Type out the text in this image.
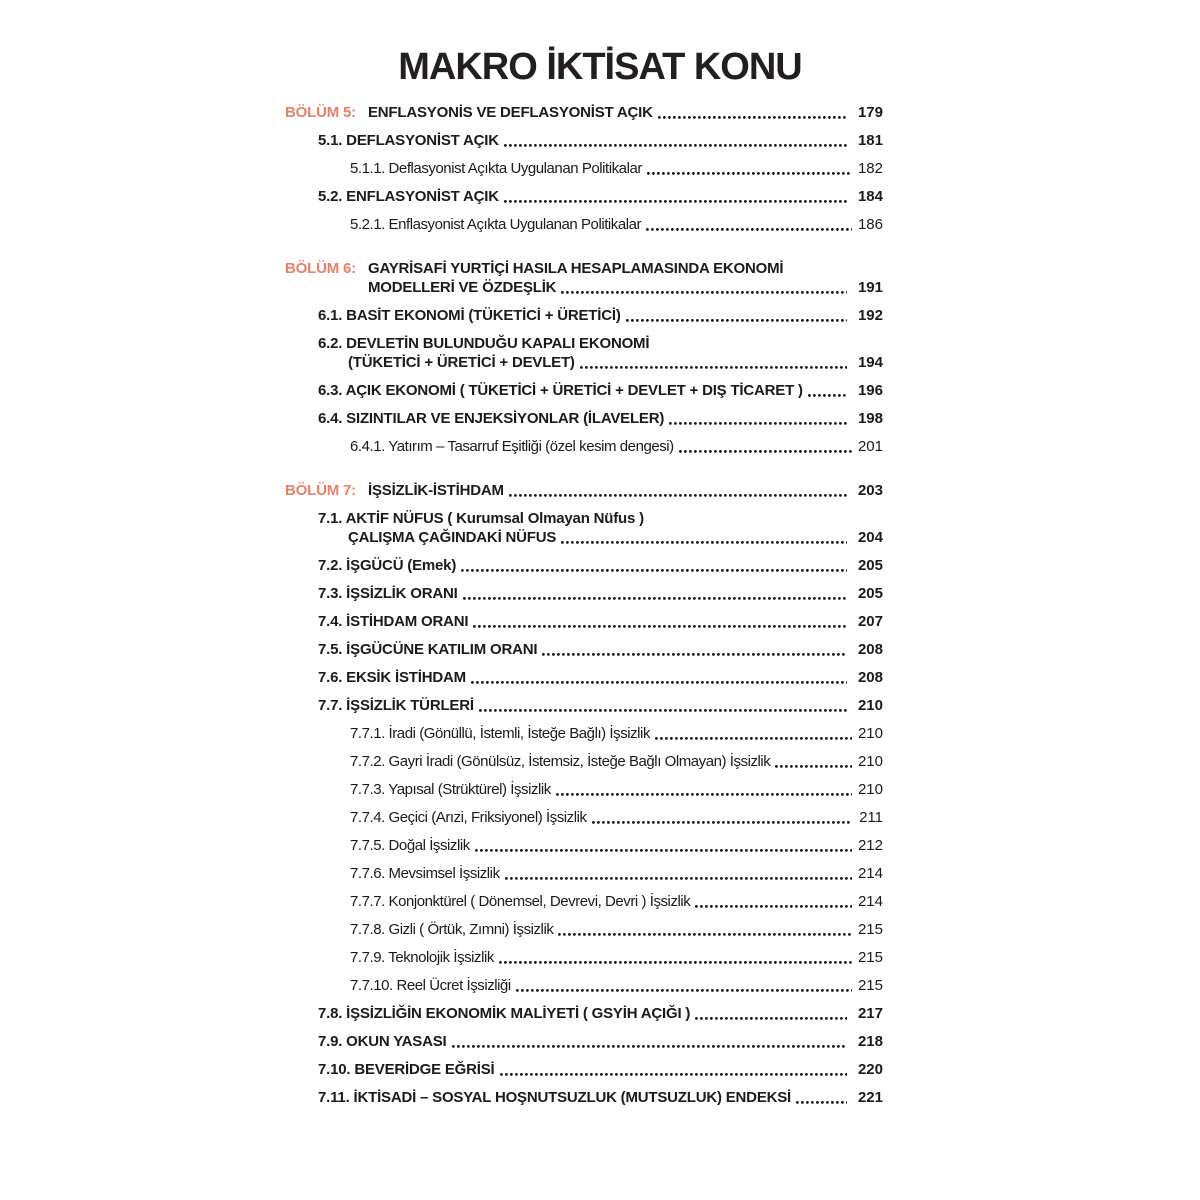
MAKRO İKTİSAT KONU
BÖLÜM 5: ENFLASYONİS VE DEFLASYONİST AÇIK	179
5.1. DEFLASYONİST AÇIK	181
5.1.1. Deflasyonist Açıkta Uygulanan Politikalar	182
5.2. ENFLASYONİST AÇIK	184
5.2.1. Enflasyonist Açıkta Uygulanan Politikalar	186
BÖLÜM 6: GAYRİSAFİ YURTİÇİ HASILA HESAPLAMASINDA EKONOMİ
MODELLERİ VE ÖZDEŞLİK	191
6.1. BASİT EKONOMİ (TÜKETİCİ + ÜRETİCİ)	192
6.2. DEVLETİN BULUNDUĞU KAPALI EKONOMİ
(TÜKETİCİ + ÜRETİCİ + DEVLET)	194
6.3. AÇIK EKONOMİ ( TÜKETİCİ + ÜRETİCİ + DEVLET + DIŞ TİCARET )	196
6.4. SIZINTILAR VE ENJEKSİYONLAR (İLAVELER)	198
6.4.1. Yatırım – Tasarruf Eşitliği (özel kesim dengesi)	201
BÖLÜM 7: İŞSİZLİK-İSTİHDAM	203
7.1. AKTİF NÜFUS ( Kurumsal Olmayan Nüfus )
ÇALIŞMA ÇAĞINDAKİ NÜFUS	204
7.2. İŞGÜCÜ (Emek)	205
7.3. İŞSİZLİK ORANI	205
7.4. İSTİHDAM ORANI	207
7.5. İŞGÜCÜNE KATILIM ORANI	208
7.6. EKSİK İSTİHDAM	208
7.7. İŞSİZLİK TÜRLERİ	210
7.7.1. İradi (Gönüllü, İstemli, İsteğe Bağlı) İşsizlik	210
7.7.2. Gayri İradi (Gönülsüz, İstemsiz, İsteğe Bağlı Olmayan) İşsizlik	210
7.7.3. Yapısal (Strüktürel) İşsizlik	210
7.7.4. Geçici (Arızi, Friksiyonel) İşsizlik	211
7.7.5. Doğal İşsizlik	212
7.7.6. Mevsimsel İşsizlik	214
7.7.7. Konjonktürel ( Dönemsel, Devrevi, Devri ) İşsizlik	214
7.7.8. Gizli ( Örtük, Zımni) İşsizlik	215
7.7.9. Teknolojik İşsizlik	215
7.7.10. Reel Ücret İşsizliği	215
7.8. İŞSİZLİĞİN EKONOMİK MALİYETİ ( GSYİH AÇIĞI )	217
7.9. OKUN YASASI	218
7.10. BEVERİDGE EĞRİSİ	220
7.11. İKTİSADİ – SOSYAL HOŞNUTSUZLUK (MUTSUZLUK) ENDEKSİ	221
